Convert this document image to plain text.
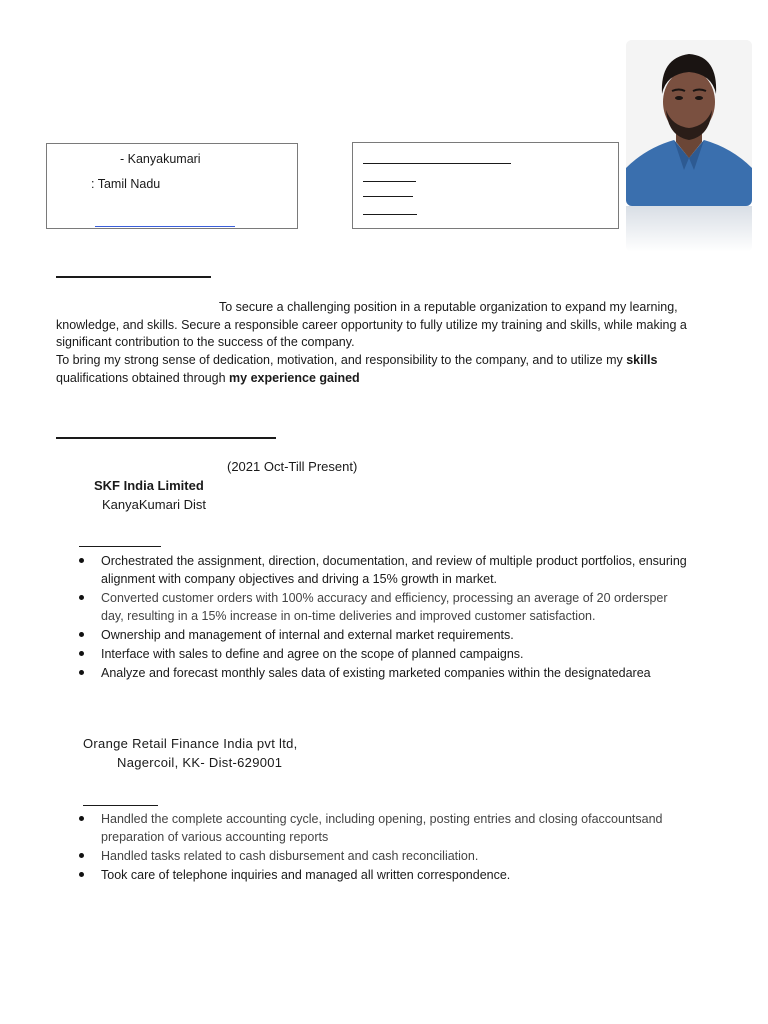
- Kanyakumari
: Tamil Nadu
To secure a challenging position in a reputable organization to expand my learning,
knowledge, and skills. Secure a responsible career opportunity to fully utilize my training and skills, while making a
significant contribution to the success of the company.
To bring my strong sense of dedication, motivation, and responsibility to the company, and to utilize my skills
qualifications obtained through my experience gained
(2021 Oct-Till Present)
SKF India Limited
KanyaKumari Dist
Orchestrated the assignment, direction, documentation, and review of multiple product portfolios, ensuring alignment with company objectives and driving a 15% growth in market.
Converted customer orders with 100% accuracy and efficiency, processing an average of 20 ordersper day, resulting in a 15% increase in on-time deliveries and improved customer satisfaction.
Ownership and management of internal and external market requirements.
Interface with sales to define and agree on the scope of planned campaigns.
Analyze and forecast monthly sales data of existing marketed companies within the designatedarea
Orange Retail Finance India pvt ltd,
Nagercoil, KK- Dist-629001
Handled the complete accounting cycle, including opening, posting entries and closing ofaccountsand preparation of various accounting reports
Handled tasks related to cash disbursement and cash reconciliation.
Took care of telephone inquiries and managed all written correspondence.
